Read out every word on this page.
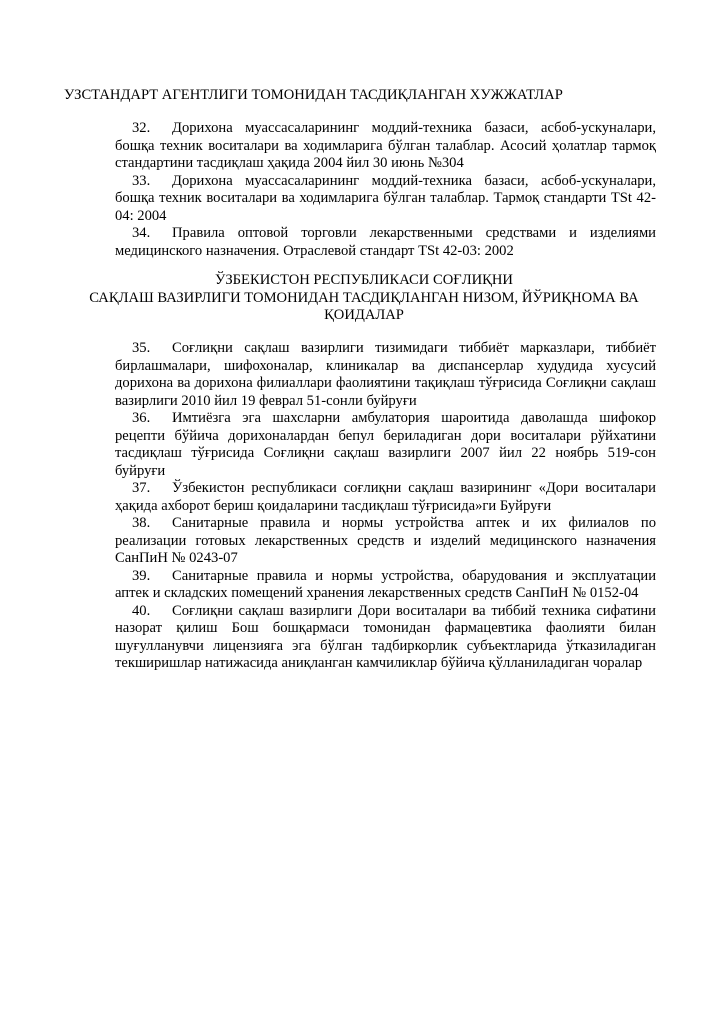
УЗСТАНДАРТ АГЕНТЛИГИ ТОМОНИДАН ТАСДИҚЛАНГАН ХУЖЖАТЛАР

32. Дорихона муассасаларининг моддий-техника базаси, асбоб-ускуналари, бошқа техник воситалари ва ходимларига бўлган талаблар. Асосий ҳолатлар тармоқ стандартини тасдиқлаш ҳақида 2004 йил 30 июнь №304

33. Дорихона муассасаларининг моддий-техника базаси, асбоб-ускуналари, бошқа техник воситалари ва ходимларига бўлган талаблар. Тармоқ стандарти TSt 42-04: 2004

34. Правила оптовой торговли лекарственными средствами и изделиями медицинского назначения. Отраслевой стандарт TSt 42-03: 2002

ЎЗБЕКИСТОН РЕСПУБЛИКАСИ СОҒЛИҚНИ
САҚЛАШ ВАЗИРЛИГИ ТОМОНИДАН ТАСДИҚЛАНГАН НИЗОМ, ЙЎРИҚНОМА ВА
ҚОИДАЛАР

35. Соғлиқни сақлаш вазирлиги тизимидаги тиббиёт марказлари, тиббиёт бирлашмалари, шифохоналар, клиникалар ва диспансерлар худудида хусусий дорихона ва дорихона филиаллари фаолиятини тақиқлаш тўғрисида Соғлиқни сақлаш вазирлиги 2010 йил 19 феврал 51-сонли буйруғи

36. Имтиёзга эга шахсларни амбулатория шароитида даволашда шифокор рецепти бўйича дорихоналардан бепул бериладиган дори воситалари рўйхатини тасдиқлаш тўғрисида Соғлиқни сақлаш вазирлиги 2007 йил 22 ноябрь 519-сон буйруғи

37. Ўзбекистон республикаси соғлиқни сақлаш вазирининг «Дори воситалари ҳақида ахборот бериш қоидаларини тасдиқлаш тўғрисида»ги Буйруғи

38. Санитарные правила и нормы устройства аптек и их филиалов по реализации готовых лекарственных средств и изделий медицинского назначения СанПиН № 0243-07

39. Санитарные правила и нормы устройства, обарудования и эксплуатации аптек и складских помещений хранения лекарственных средств СанПиН № 0152-04

40. Соғлиқни сақлаш вазирлиги Дори воситалари ва тиббий техника сифатини назорат қилиш Бош бошқармаси томонидан фармацевтика фаолияти билан шуғулланувчи лицензияга эга бўлган тадбиркорлик субъектларида ўтказиладиган текширишлар натижасида аниқланган камчиликлар бўйича қўлланиладиган чоралар
